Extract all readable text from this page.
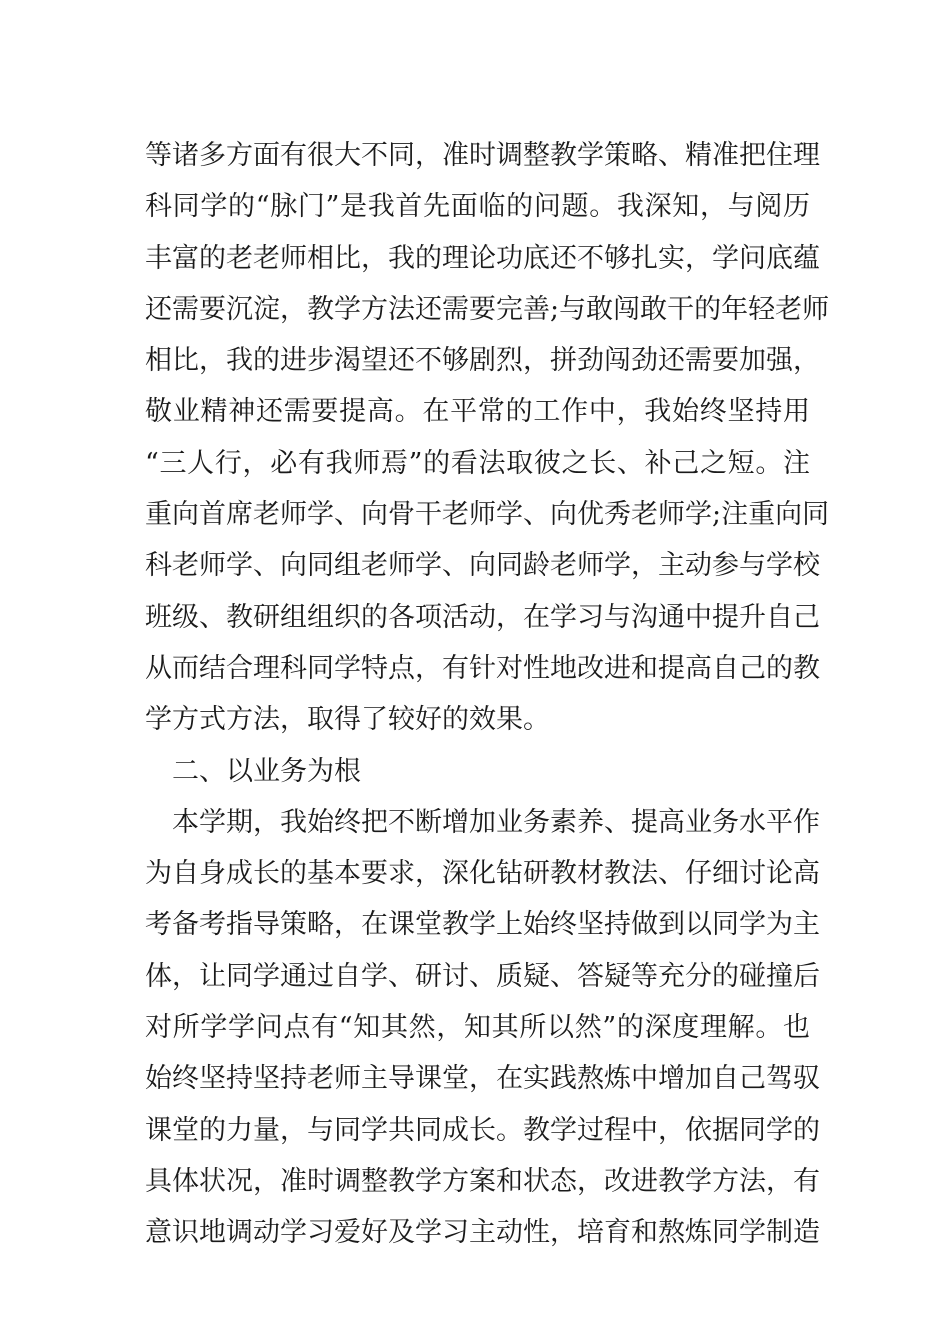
等诸多方面有很大不同，准时调整教学策略、精准把住理
科同学的“脉门”是我首先面临的问题。我深知，与阅历
丰富的老老师相比，我的理论功底还不够扎实，学问底蕴
还需要沉淀，教学方法还需要完善;与敢闯敢干的年轻老师
相比，我的进步渴望还不够剧烈，拼劲闯劲还需要加强，
敬业精神还需要提高。在平常的工作中，我始终坚持用
“三人行，必有我师焉”的看法取彼之长、补己之短。注
重向首席老师学、向骨干老师学、向优秀老师学;注重向同
科老师学、向同组老师学、向同龄老师学，主动参与学校
班级、教研组组织的各项活动，在学习与沟通中提升自己
从而结合理科同学特点，有针对性地改进和提高自己的教
学方式方法，取得了较好的效果。
二、以业务为根
本学期，我始终把不断增加业务素养、提高业务水平作
为自身成长的基本要求，深化钻研教材教法、仔细讨论高
考备考指导策略，在课堂教学上始终坚持做到以同学为主
体，让同学通过自学、研讨、质疑、答疑等充分的碰撞后
对所学学问点有“知其然，知其所以然”的深度理解。也
始终坚持坚持老师主导课堂，在实践熬炼中增加自己驾驭
课堂的力量，与同学共同成长。教学过程中，依据同学的
具体状况，准时调整教学方案和状态，改进教学方法，有
意识地调动学习爱好及学习主动性，培育和熬炼同学制造
